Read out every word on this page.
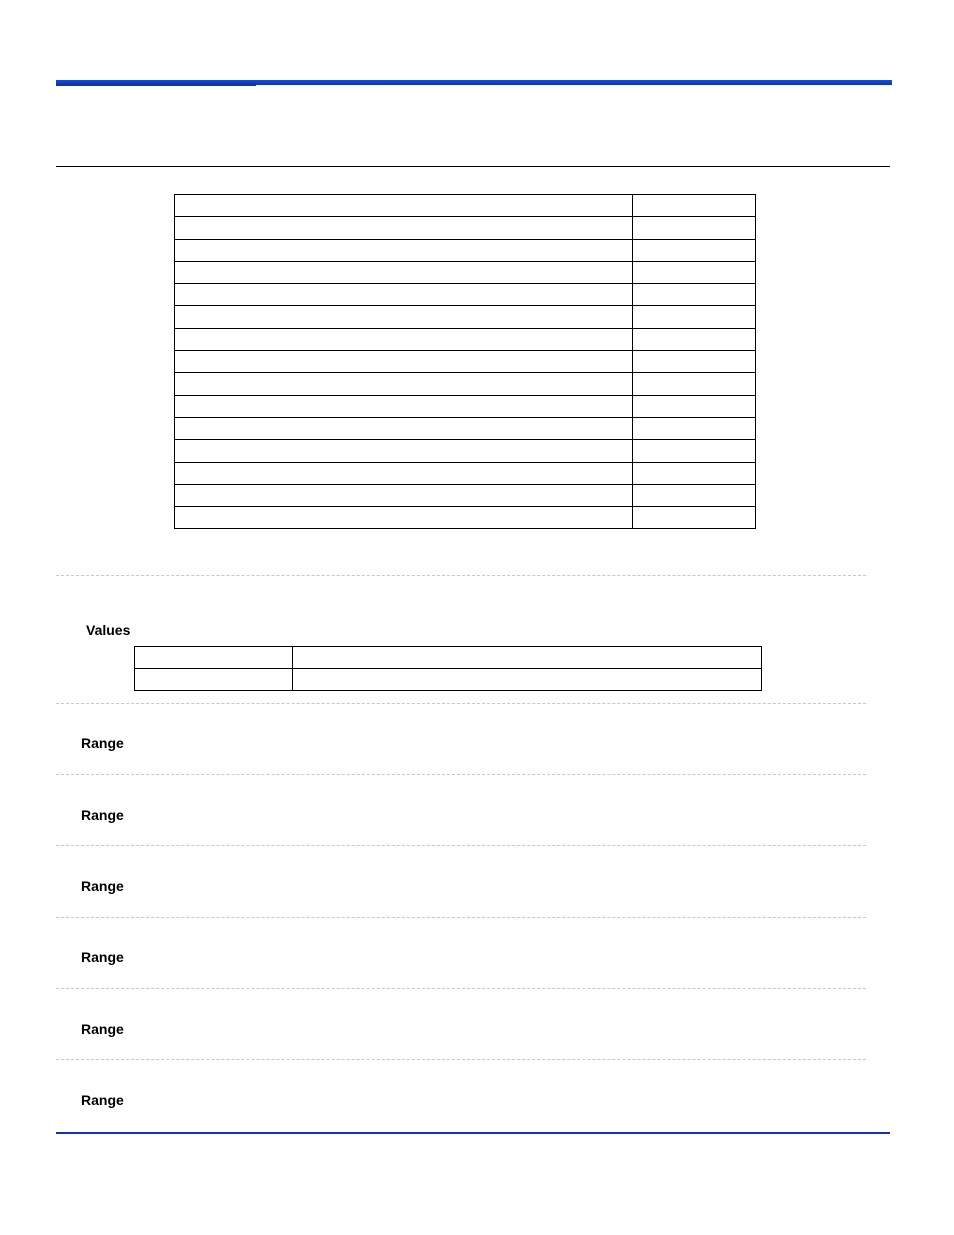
Values

Range
Range
Range
Range
Range
Range
